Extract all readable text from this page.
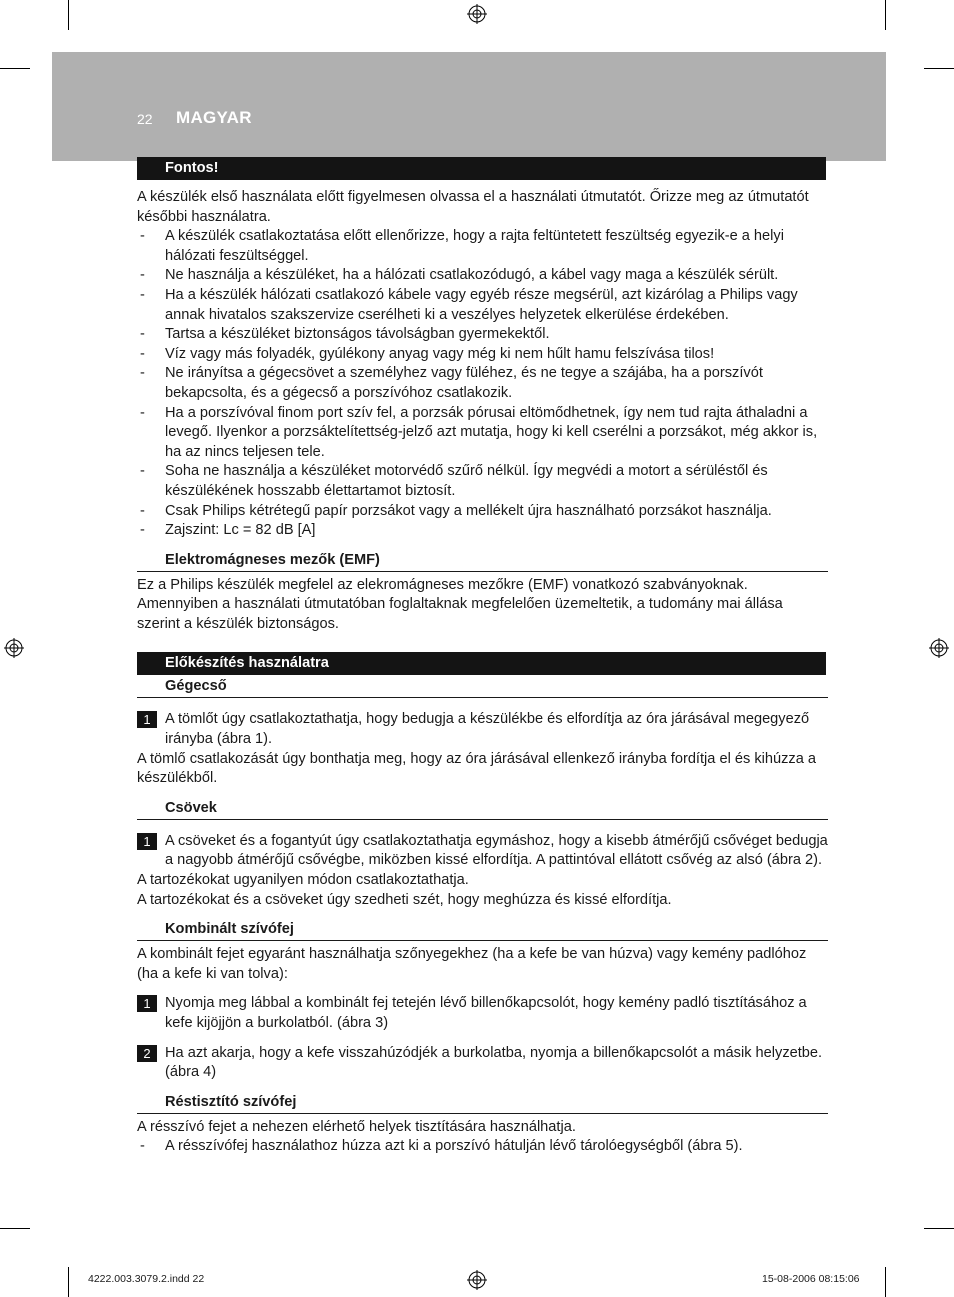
22 MAGYAR
Fontos!

A készülék első használata előtt figyelmesen olvassa el a használati útmutatót. Őrizze meg az útmutatót későbbi használatra.

- A készülék csatlakoztatása előtt ellenőrizze, hogy a rajta feltüntetett feszültség egyezik-e a helyi hálózati feszültséggel.
- Ne használja a készüléket, ha a hálózati csatlakozódugó, a kábel vagy maga a készülék sérült.
- Ha a készülék hálózati csatlakozó kábele vagy egyéb része megsérül, azt kizárólag a Philips vagy annak hivatalos szakszervize cserélheti ki a veszélyes helyzetek elkerülése érdekében.
- Tartsa a készüléket biztonságos távolságban gyermekektől.
- Víz vagy más folyadék, gyúlékony anyag vagy még ki nem hűlt hamu felszívása tilos!
- Ne irányítsa a gégecsövet a személyhez vagy füléhez, és ne tegye a szájába, ha a porszívót bekapcsolta, és a gégecső a porszívóhoz csatlakozik.
- Ha a porszívóval finom port szív fel, a porzsák pórusai eltömődhetnek, így nem tud rajta áthaladni a levegő. Ilyenkor a porzsáktelítettség-jelző azt mutatja, hogy ki kell cserélni a porzsákot, még akkor is, ha az nincs teljesen tele.
- Soha ne használja a készüléket motorvédő szűrő nélkül. Így megvédi a motort a sérüléstől és készülékének hosszabb élettartamot biztosít.
- Csak Philips kétrétegű papír porzsákot vagy a mellékelt újra használható porzsákot használja.
- Zajszint: Lc = 82 dB [A]
Elektromágneses mezők (EMF)

Ez a Philips készülék megfelel az elekromágneses mezőkre (EMF) vonatkozó szabványoknak. Amennyiben a használati útmutatóban foglaltaknak megfelelően üzemeltetik, a tudomány mai állása szerint a készülék biztonságos.

Előkészítés használatra
Gégecső
1 A tömlőt úgy csatlakoztathatja, hogy bedugja a készülékbe és elfordítja az óra járásával megegyező irányba (ábra 1).

A tömlő csatlakozását úgy bonthatja meg, hogy az óra járásával ellenkező irányba fordítja el és kihúzza a készülékből.

Csövek
1 A csöveket és a fogantyút úgy csatlakoztathatja egymáshoz, hogy a kisebb átmérőjű csővéget bedugja a nagyobb átmérőjű csővégbe, miközben kissé elfordítja. A pattintóval ellátott csővég az alsó (ábra 2).

A tartozékokat ugyanilyen módon csatlakoztathatja.

A tartozékokat és a csöveket úgy szedheti szét, hogy meghúzza és kissé elfordítja.

Kombinált szívófej

A kombinált fejet egyaránt használhatja szőnyegekhez (ha a kefe be van húzva) vagy kemény padlóhoz (ha a kefe ki van tolva):

1 Nyomja meg lábbal a kombinált fej tetején lévő billenőkapcsolót, hogy kemény padló tisztításához a kefe kijöjjön a burkolatból. (ábra 3)
2 Ha azt akarja, hogy a kefe visszahúzódjék a burkolatba, nyomja a billenőkapcsolót a másik helyzetbe. (ábra 4)
Réstisztító szívófej

A résszívó fejet a nehezen elérhető helyek tisztítására használhatja.

- A résszívófej használathoz húzza azt ki a porszívó hátulján lévő tárolóegységből (ábra 5).
4222.003.3079.2.indd 22	15-08-2006 08:15:06
